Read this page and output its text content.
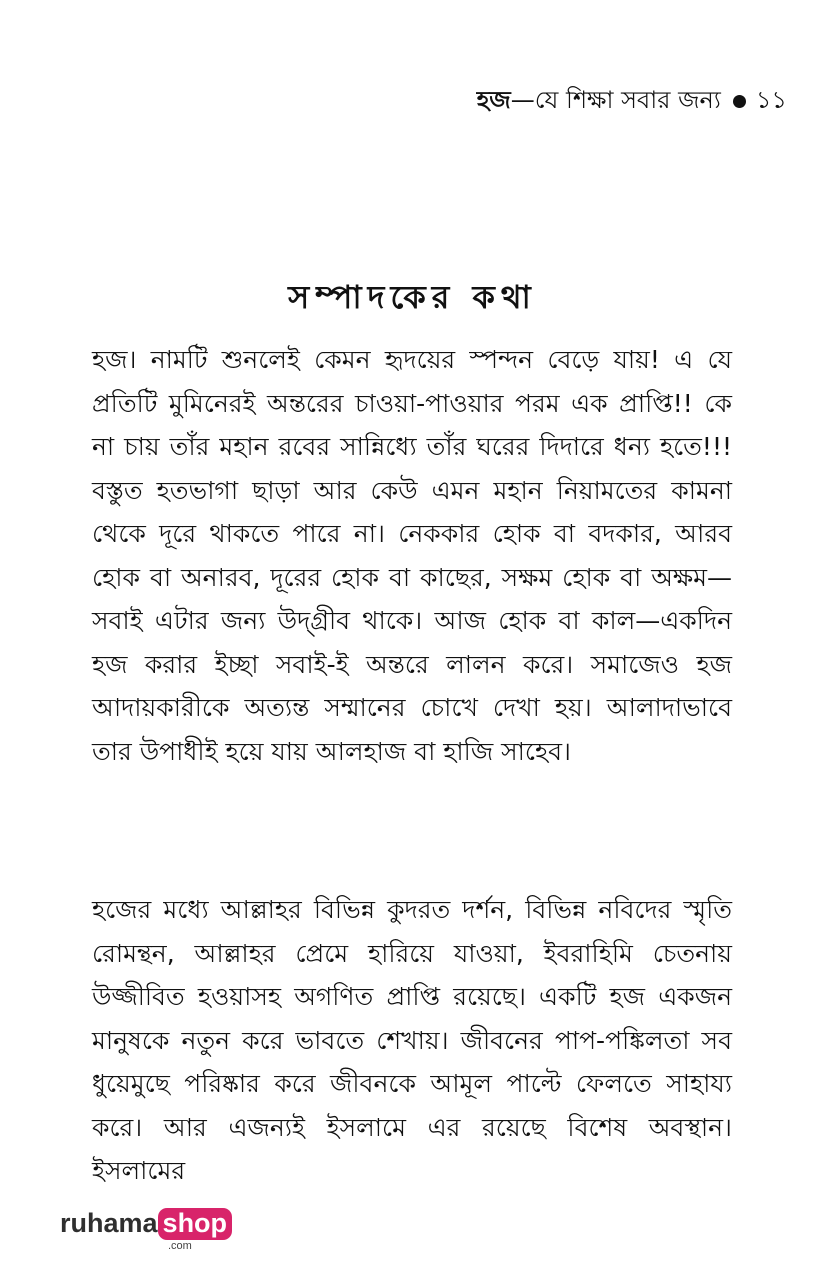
হজ—যে শিক্ষা সবার জন্য ১১
সম্পাদকের কথা

হজ। নামটি শুনলেই কেমন হৃদয়ের স্পন্দন বেড়ে যায়! এ যে প্রতিটি মুমিনেরই অন্তরের চাওয়া-পাওয়ার পরম এক প্রাপ্তি!! কে না চায় তাঁর মহান রবের সান্নিধ্যে তাঁর ঘরের দিদারে ধন্য হতে!!! বস্তুত হতভাগা ছাড়া আর কেউ এমন মহান নিয়ামতের কামনা থেকে দূরে থাকতে পারে না। নেককার হোক বা বদকার, আরব হোক বা অনারব, দূরের হোক বা কাছের, সক্ষম হোক বা অক্ষম—সবাই এটার জন্য উদ্গ্রীব থাকে। আজ হোক বা কাল—একদিন হজ করার ইচ্ছা সবাই-ই অন্তরে লালন করে। সমাজেও হজ আদায়কারীকে অত্যন্ত সম্মানের চোখে দেখা হয়। আলাদাভাবে তার উপাধীই হয়ে যায় আলহাজ বা হাজি সাহেব।

হজের মধ্যে আল্লাহর বিভিন্ন কুদরত দর্শন, বিভিন্ন নবিদের স্মৃতি রোমন্থন, আল্লাহর প্রেমে হারিয়ে যাওয়া, ইবরাহিমি চেতনায় উজ্জীবিত হওয়াসহ অগণিত প্রাপ্তি রয়েছে। একটি হজ একজন মানুষকে নতুন করে ভাবতে শেখায়। জীবনের পাপ-পঙ্কিলতা সব ধুয়েমুছে পরিষ্কার করে জীবনকে আমূল পাল্টে ফেলতে সাহায্য করে। আর এজন্যই ইসলামে এর রয়েছে বিশেষ অবস্থান। ইসলামের

ruhama shop
.com
